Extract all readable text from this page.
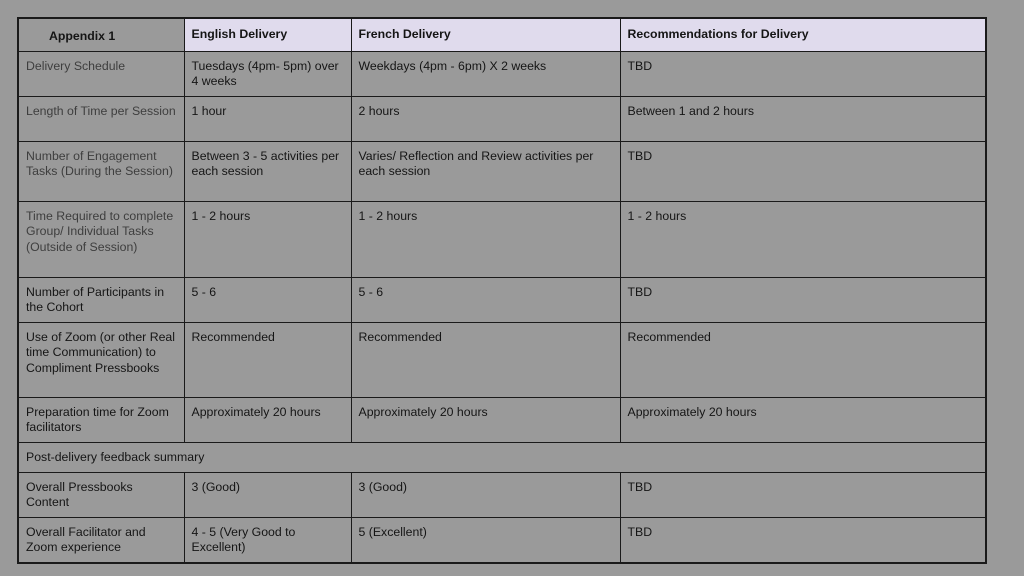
Appendix 1	English Delivery	French Delivery	Recommendations for Delivery
Delivery Schedule	Tuesdays (4pm- 5pm) over 4 weeks	Weekdays (4pm - 6pm) X 2 weeks	TBD
Length of Time per Session	1 hour	2 hours	Between 1 and 2 hours
Number of Engagement Tasks (During the Session)	Between 3 - 5 activities per each session	Varies/ Reflection and Review activities per each session	TBD
Time Required to complete Group/ Individual Tasks (Outside of Session)	1 - 2 hours	1 - 2 hours	1 - 2 hours
Number of Participants in the Cohort	5 - 6	5 - 6	TBD
Use of Zoom (or other Real time Communication) to Compliment Pressbooks	Recommended	Recommended	Recommended
Preparation time for Zoom facilitators	Approximately 20 hours	Approximately 20 hours	Approximately 20 hours
Post-delivery feedback summary			
Overall Pressbooks Content	3 (Good)	3 (Good)	TBD
Overall Facilitator and Zoom experience	4 - 5 (Very Good to Excellent)	5 (Excellent)	TBD
